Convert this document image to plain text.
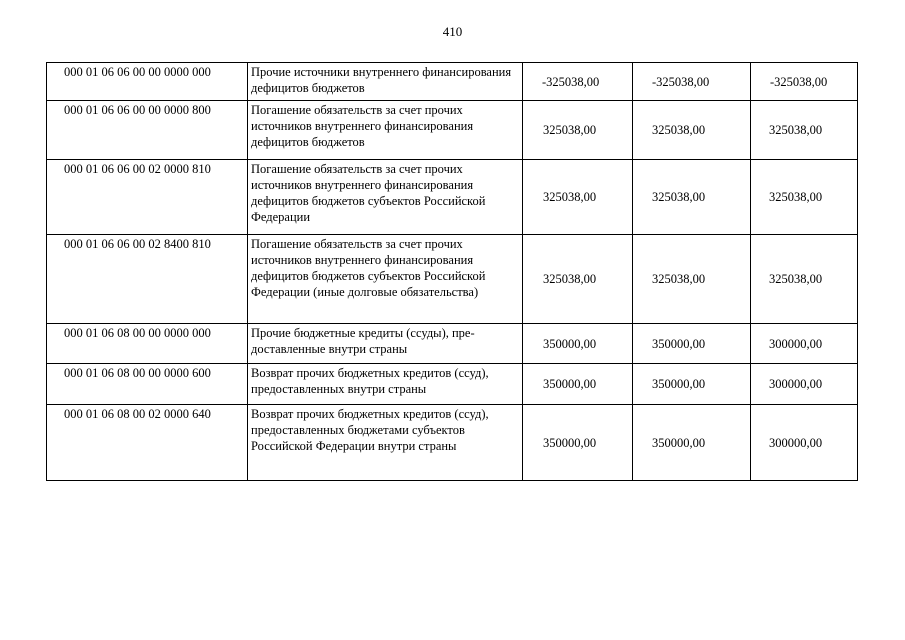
410
000 01 06 06 00 00 0000 000	Прочие источники внутреннего финансирования дефицитов бюджетов	-325038,00	-325038,00	-325038,00
000 01 06 06 00 00 0000 800	Погашение обязательств за счет прочих источников внутреннего финансирования дефицитов бюджетов	325038,00	325038,00	325038,00
000 01 06 06 00 02 0000 810	Погашение обязательств за счет прочих источников внутреннего финансирования дефицитов бюджетов субъектов Российской Федерации	325038,00	325038,00	325038,00
000 01 06 06 00 02 8400 810	Погашение обязательств за счет прочих источников внутреннего финансирования дефицитов бюджетов субъектов Российской Федерации (иные долговые обязательства)	325038,00	325038,00	325038,00
000 01 06 08 00 00 0000 000	Прочие бюджетные кредиты (ссуды), пре-доставленные внутри страны	350000,00	350000,00	300000,00
000 01 06 08 00 00 0000 600	Возврат прочих бюджетных кредитов (ссуд), предоставленных внутри страны	350000,00	350000,00	300000,00
000 01 06 08 00 02 0000 640	Возврат прочих бюджетных кредитов (ссуд), предоставленных бюджетами субъектов Российской Федерации внутри страны	350000,00	350000,00	300000,00
